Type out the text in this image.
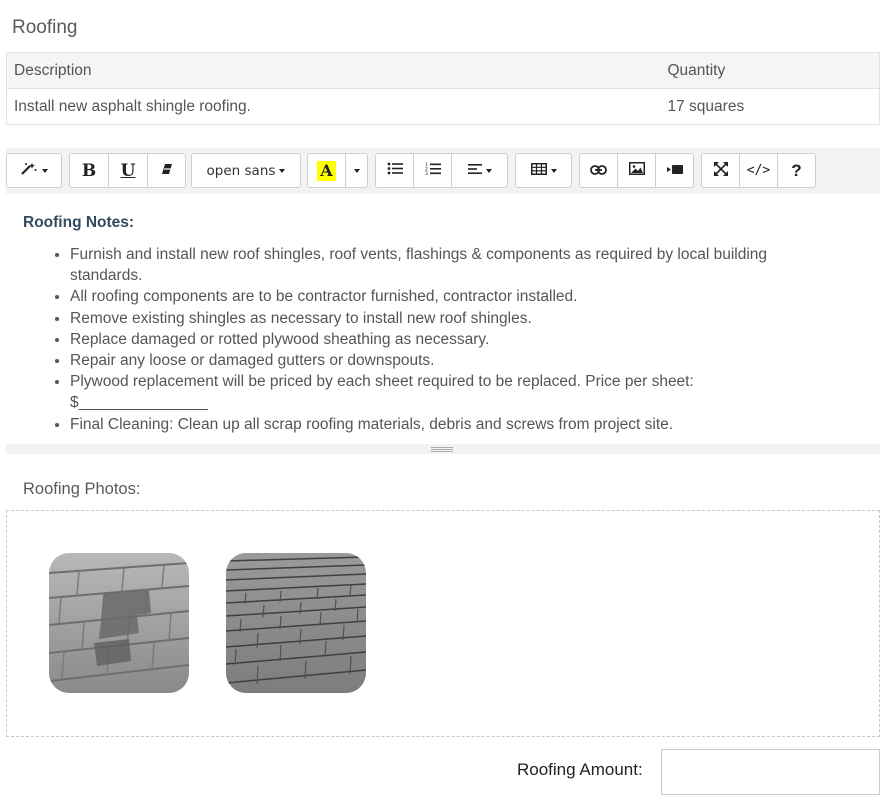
Roofing
Description	Quantity
Install new asphalt shingle roofing.	17 squares
B	U	open sans	A	1
2
3	</>	?
Roofing Notes:
• Furnish and install new roof shingles, roof vents, flashings & components as required by local building standards.
• All roofing components are to be contractor furnished, contractor installed.
• Remove existing shingles as necessary to install new roof shingles.
• Replace damaged or rotted plywood sheathing as necessary.
• Repair any loose or damaged gutters or downspouts.
• Plywood replacement will be priced by each sheet required to be replaced. Price per sheet: $_______________
• Final Cleaning: Clean up all scrap roofing materials, debris and screws from project site.
Roofing Photos:
Roofing Amount:
